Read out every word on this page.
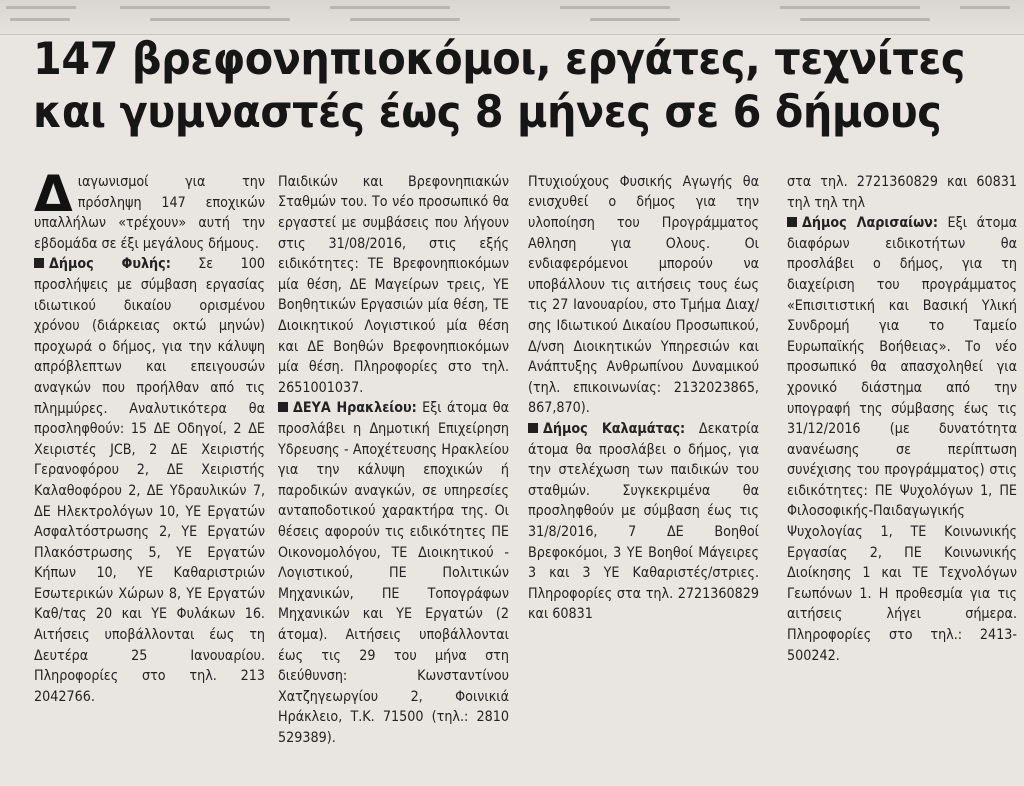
147 βρεφονηπιοκόμοι, εργάτες, τεχνίτες
και γυμναστές έως 8 μήνες σε 6 δήμους

Διαγωνισμοί για την πρόσληψη 147 εποχικών υπαλλήλων «τρέχουν» αυτή την εβδομάδα σε έξι μεγάλους δήμους.

Δήμος Φυλής: Σε 100 προσλήψεις με σύμβαση εργασίας ιδιωτικού δικαίου ορισμένου χρόνου (διάρκειας οκτώ μηνών) προχωρά ο δήμος, για την κάλυψη απρόβλεπτων και επειγουσών αναγκών που προήλθαν από τις πλημμύρες. Αναλυτικότερα θα προσληφθούν: 15 ΔΕ Οδηγοί, 2 ΔΕ Χειριστές JCB, 2 ΔΕ Χειριστής Γερανοφόρου 2, ΔΕ Χειριστής Καλαθοφόρου 2, ΔΕ Υδραυλικών 7, ΔΕ Ηλεκτρολόγων 10, ΥΕ Εργατών Ασφαλτόστρωσης 2, ΥΕ Εργατών Πλακόστρωσης 5, ΥΕ Εργατών Κήπων 10, ΥΕ Καθαριστριών Εσωτερικών Χώρων 8, ΥΕ Εργατών Καθ/τας 20 και ΥΕ Φυλάκων 16. Αιτήσεις υποβάλλονται έως τη Δευτέρα 25 Ιανουαρίου. Πληροφορίες στο τηλ. 213 2042766.

Παιδικών και Βρεφονηπιακών Σταθμών του. Το νέο προσωπικό θα εργαστεί με συμβάσεις που λήγουν στις 31/08/2016, στις εξής ειδικότητες: ΤΕ Βρεφονηπιοκόμων μία θέση, ΔΕ Μαγείρων τρεις, ΥΕ Βοηθητικών Εργασιών μία θέση, ΤΕ Διοικητικού Λογιστικού μία θέση και ΔΕ Βοηθών Βρεφονηπιοκόμων μία θέση. Πληροφορίες στο τηλ. 2651001037.

ΔΕΥΑ Ηρακλείου: Εξι άτομα θα προσλάβει η Δημοτική Επιχείρηση Υδρευσης - Αποχέτευσης Ηρακλείου για την κάλυψη εποχικών ή παροδικών αναγκών, σε υπηρεσίες ανταποδοτικού χαρακτήρα της. Οι θέσεις αφορούν τις ειδικότητες ΠΕ Οικονομολόγου, ΤΕ Διοικητικού - Λογιστικού, ΠΕ Πολιτικών Μηχανικών, ΠΕ Τοπογράφων Μηχανικών και ΥΕ Εργατών (2 άτομα). Αιτήσεις υποβάλλονται έως τις 29 του μήνα στη διεύθυνση: Κωνσταντίνου Χατζηγεωργίου 2, Φοινικιά Ηράκλειο, Τ.Κ. 71500 (τηλ.: 2810 529389).

Πτυχιούχους Φυσικής Αγωγής θα ενισχυθεί ο δήμος για την υλοποίηση του Προγράμματος Αθληση για Ολους. Οι ενδιαφερόμενοι μπορούν να υποβάλλουν τις αιτήσεις τους έως τις 27 Ιανουαρίου, στο Τμήμα Διαχ/σης Ιδιωτικού Δικαίου Προσωπικού, Δ/νση Διοικητικών Υπηρεσιών και Ανάπτυξης Ανθρωπίνου Δυναμικού (τηλ. επικοινωνίας: 2132023865, 867,870).

Δήμος Καλαμάτας: Δεκατρία άτομα θα προσλάβει ο δήμος, για την στελέχωση των παιδικών του σταθμών. Συγκεκριμένα θα προσληφθούν με σύμβαση έως τις 31/8/2016, 7 ΔΕ Βοηθοί Βρεφοκόμοι, 3 ΥΕ Βοηθοί Μάγειρες 3 και 3 ΥΕ Καθαριστές/στριες. Πληροφορίες στα τηλ. 2721360829 και 60831

στα τηλ. 2721360829 και 60831 τηλ τηλ τηλ

Δήμος Λαρισαίων: Εξι άτομα διαφόρων ειδικοτήτων θα προσλάβει ο δήμος, για τη διαχείριση του προγράμματος «Επισιτιστική και Βασική Υλική Συνδρομή για το Ταμείο Ευρωπαϊκής Βοήθειας». Το νέο προσωπικό θα απασχοληθεί για χρονικό διάστημα από την υπογραφή της σύμβασης έως τις 31/12/2016 (με δυνατότητα ανανέωσης σε περίπτωση συνέχισης του προγράμματος) στις ειδικότητες: ΠΕ Ψυχολόγων 1, ΠΕ Φιλοσοφικής-Παιδαγωγικής Ψυχολογίας 1, ΤΕ Κοινωνικής Εργασίας 2, ΠΕ Κοινωνικής Διοίκησης 1 και ΤΕ Τεχνολόγων Γεωπόνων 1. Η προθεσμία για τις αιτήσεις λήγει σήμερα. Πληροφορίες στο τηλ.: 2413-500242.
